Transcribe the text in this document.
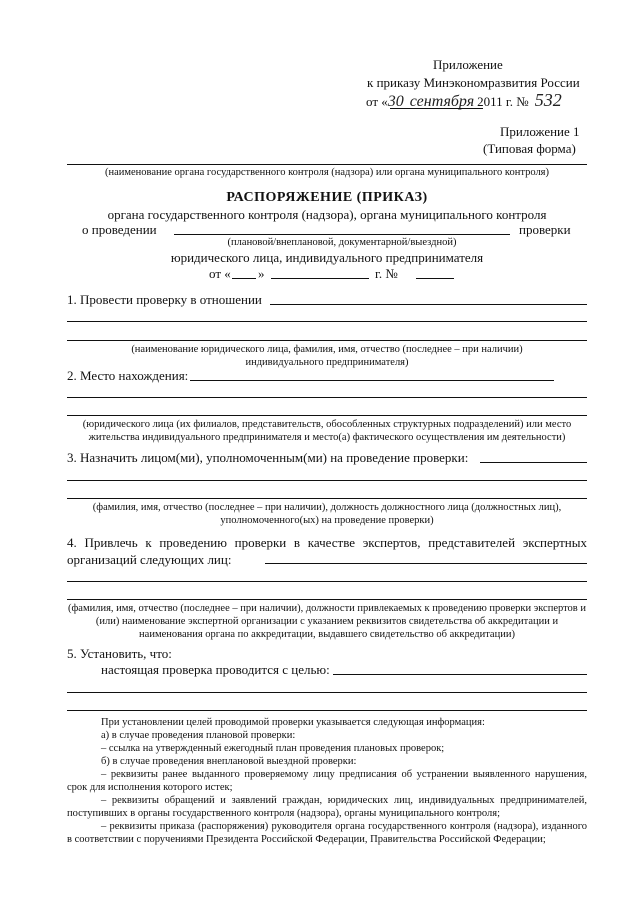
Приложение
к приказу Минэкономразвития России
от «30 сентября 2011 г. № 532
Приложение 1
(Типовая форма)
(наименование органа государственного контроля (надзора) или органа муниципального контроля)
РАСПОРЯЖЕНИЕ (ПРИКАЗ)
органа государственного контроля (надзора), органа муниципального контроля
о проведении	проверки
(плановой/внеплановой, документарной/выездной)
юридического лица, индивидуального предпринимателя
от « »	г. №
1. Провести проверку в отношении
(наименование юридического лица, фамилия, имя, отчество (последнее – при наличии) индивидуального предпринимателя)
2. Место нахождения:
(юридического лица (их филиалов, представительств, обособленных структурных подразделений) или место жительства индивидуального предпринимателя и место(а) фактического осуществления им деятельности)
3. Назначить лицом(ми), уполномоченным(ми) на проведение проверки:
(фамилия, имя, отчество (последнее – при наличии), должность должностного лица (должностных лиц), уполномоченного(ых) на проведение проверки)
4. Привлечь к проведению проверки в качестве экспертов, представителей экспертных организаций следующих лиц:
(фамилия, имя, отчество (последнее – при наличии), должности привлекаемых к проведению проверки экспертов и (или) наименование экспертной организации с указанием реквизитов свидетельства об аккредитации и наименования органа по аккредитации, выдавшего свидетельство об аккредитации)
5. Установить, что:
настоящая проверка проводится с целью:
При установлении целей проводимой проверки указывается следующая информация:
а) в случае проведения плановой проверки:
– ссылка на утвержденный ежегодный план проведения плановых проверок;
б) в случае проведения внеплановой выездной проверки:
– реквизиты ранее выданного проверяемому лицу предписания об устранении выявленного нарушения, срок для исполнения которого истек;
– реквизиты обращений и заявлений граждан, юридических лиц, индивидуальных предпринимателей, поступивших в органы государственного контроля (надзора), органы муниципального контроля;
– реквизиты приказа (распоряжения) руководителя органа государственного контроля (надзора), изданного в соответствии с поручениями Президента Российской Федерации, Правительства Российской Федерации;
